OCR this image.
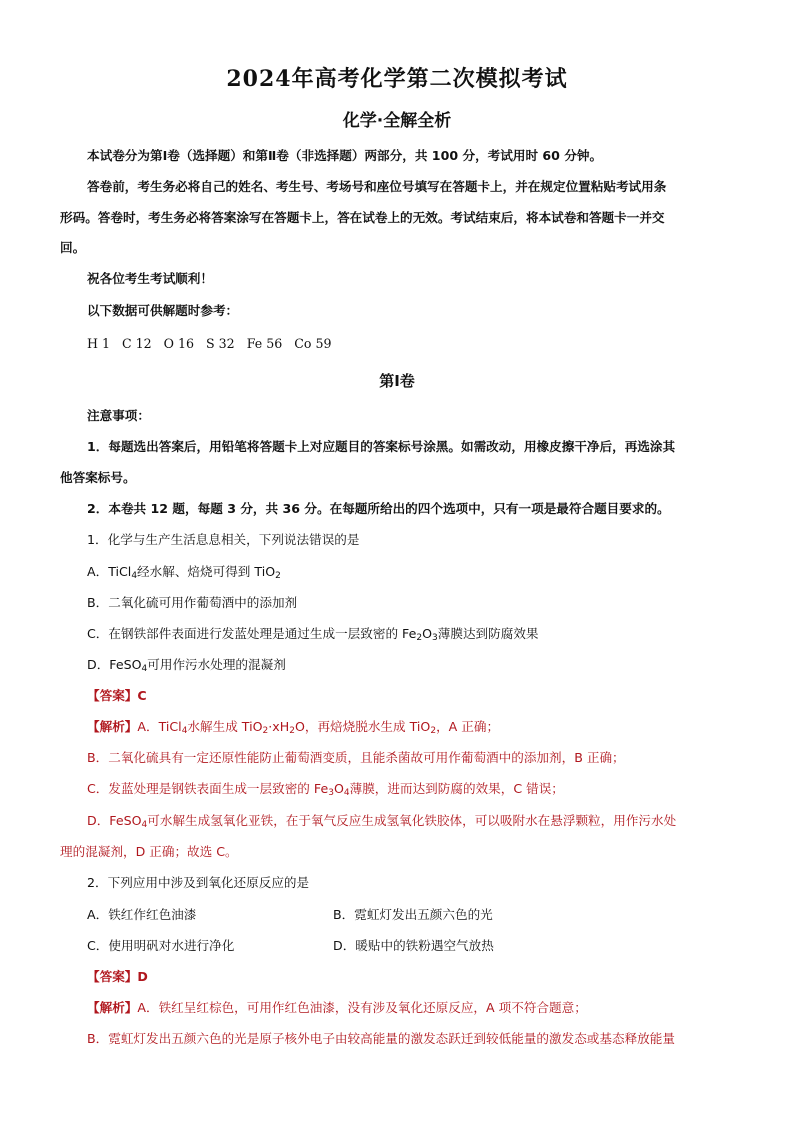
2024年高考化学第二次模拟考试
化学·全解全析
本试卷分为第Ⅰ卷（选择题）和第Ⅱ卷（非选择题）两部分，共 100 分，考试用时 60 分钟。
答卷前，考生务必将自己的姓名、考生号、考场号和座位号填写在答题卡上，并在规定位置粘贴考试用条
形码。答卷时，考生务必将答案涂写在答题卡上，答在试卷上的无效。考试结束后，将本试卷和答题卡一并交
回。
祝各位考生考试顺利！
以下数据可供解题时参考：
H 1   C 12   O 16   S 32   Fe 56   Co 59
第Ⅰ卷
注意事项：
1．每题选出答案后，用铅笔将答题卡上对应题目的答案标号涂黑。如需改动，用橡皮擦干净后，再选涂其
他答案标号。
2．本卷共 12 题，每题 3 分，共 36 分。在每题所给出的四个选项中，只有一项是最符合题目要求的。
1．化学与生产生活息息相关，下列说法错误的是
A．TiCl$_4$经水解、焙烧可得到 TiO$_2$
B．二氧化硫可用作葡萄酒中的添加剂
C．在钢铁部件表面进行发蓝处理是通过生成一层致密的 $Fe_2O_3$薄膜达到防腐效果
D．FeSO$_4$可用作污水处理的混凝剂
【答案】C
【解析】A．TiCl$_4$水解生成 $TiO_2\cdot xH_2O$，再焙烧脱水生成 TiO$_2$，A 正确；
B．二氧化硫具有一定还原性能防止葡萄酒变质，且能杀菌故可用作葡萄酒中的添加剂，B 正确；
C．发蓝处理是钢铁表面生成一层致密的 $Fe_3O_4$薄膜，进而达到防腐的效果，C 错误；
D．FeSO$_4$可水解生成氢氧化亚铁，在于氧气反应生成氢氧化铁胶体，可以吸附水在悬浮颗粒，用作污水处
理的混凝剂，D 正确；故选 C。
2．下列应用中涉及到氧化还原反应的是
A．铁红作红色油漆	B．霓虹灯发出五颜六色的光
C．使用明矾对水进行净化	D．暖贴中的铁粉遇空气放热
【答案】D
【解析】A．铁红呈红棕色，可用作红色油漆，没有涉及氧化还原反应，A 项不符合题意；
B．霓虹灯发出五颜六色的光是原子核外电子由较高能量的激发态跃迁到较低能量的激发态或基态释放能量
